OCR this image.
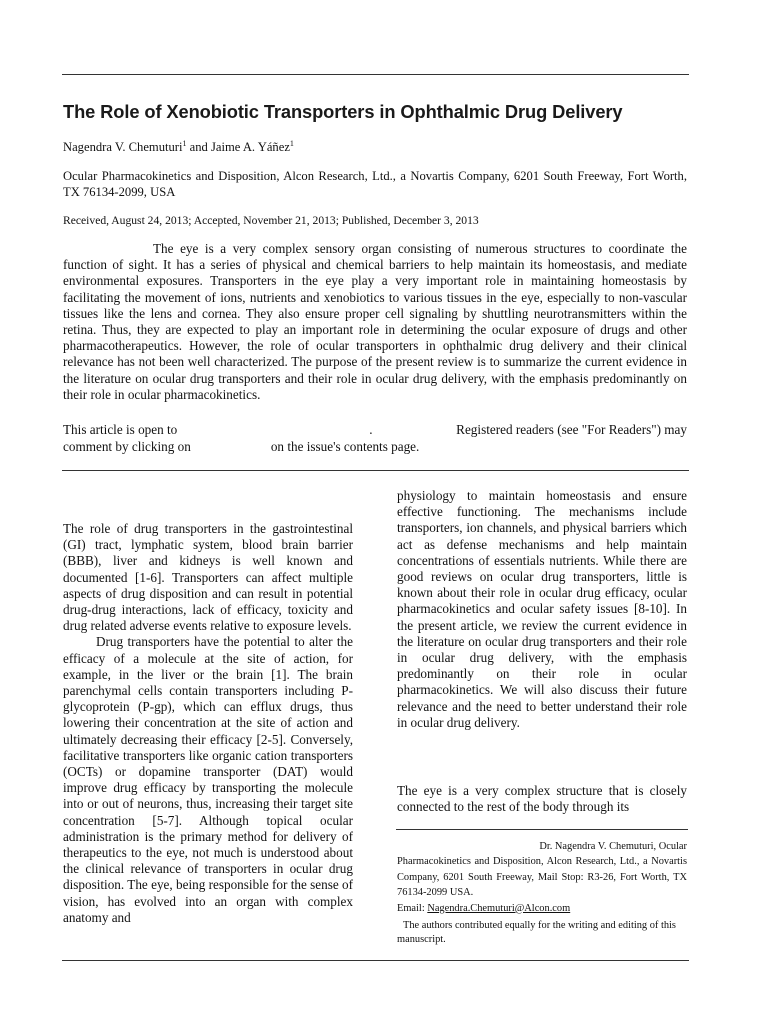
The Role of Xenobiotic Transporters in Ophthalmic Drug Delivery
Nagendra V. Chemuturi$^1$ and Jaime A. Yáñez$^1$
Ocular Pharmacokinetics and Disposition, Alcon Research, Ltd., a Novartis Company, 6201 South Freeway, Fort Worth, TX 76134-2099, USA
Received, August 24, 2013; Accepted, November 21, 2013; Published, December 3, 2013
The eye is a very complex sensory organ consisting of numerous structures to coordinate the function of sight. It has a series of physical and chemical barriers to help maintain its homeostasis, and mediate environmental exposures. Transporters in the eye play a very important role in maintaining homeostasis by facilitating the movement of ions, nutrients and xenobiotics to various tissues in the eye, especially to non-vascular tissues like the lens and cornea. They also ensure proper cell signaling by shuttling neurotransmitters within the retina. Thus, they are expected to play an important role in determining the ocular exposure of drugs and other pharmacotherapeutics. However, the role of ocular transporters in ophthalmic drug delivery and their clinical relevance has not been well characterized. The purpose of the present review is to summarize the current evidence in the literature on ocular drug transporters and their role in ocular drug delivery, with the emphasis predominantly on their role in ocular pharmacokinetics.
This article is open to	.	Registered readers (see "For Readers") may
comment by clicking on	on the issue's contents page.

The role of drug transporters in the gastrointestinal (GI) tract, lymphatic system, blood brain barrier (BBB), liver and kidneys is well known and documented [1-6]. Transporters can affect multiple aspects of drug disposition and can result in potential drug-drug interactions, lack of efficacy, toxicity and drug related adverse events relative to exposure levels.

Drug transporters have the potential to alter the efficacy of a molecule at the site of action, for example, in the liver or the brain [1]. The brain parenchymal cells contain transporters including P-glycoprotein (P-gp), which can efflux drugs, thus lowering their concentration at the site of action and ultimately decreasing their efficacy [2-5]. Conversely, facilitative transporters like organic cation transporters (OCTs) or dopamine transporter (DAT) would improve drug efficacy by transporting the molecule into or out of neurons, thus, increasing their target site concentration [5-7]. Although topical ocular administration is the primary method for delivery of therapeutics to the eye, not much is understood about the clinical relevance of transporters in ocular drug disposition. The eye, being responsible for the sense of vision, has evolved into an organ with complex anatomy and

physiology to maintain homeostasis and ensure effective functioning. The mechanisms include transporters, ion channels, and physical barriers which act as defense mechanisms and help maintain concentrations of essentials nutrients. While there are good reviews on ocular drug transporters, little is known about their role in ocular drug efficacy, ocular pharmacokinetics and ocular safety issues [8-10]. In the present article, we review the current evidence in the literature on ocular drug transporters and their role in ocular drug delivery, with the emphasis predominantly on their role in ocular pharmacokinetics. We will also discuss their future relevance and the need to better understand their role in ocular drug delivery.

The eye is a very complex structure that is closely connected to the rest of the body through its

Dr. Nagendra V. Chemuturi, Ocular
Pharmacokinetics and Disposition, Alcon Research, Ltd., a Novartis Company, 6201 South Freeway, Mail Stop: R3-26, Fort Worth, TX 76134-2099 USA.
Email: Nagendra.Chemuturi@Alcon.com
The authors contributed equally for the writing and editing of this manuscript.
